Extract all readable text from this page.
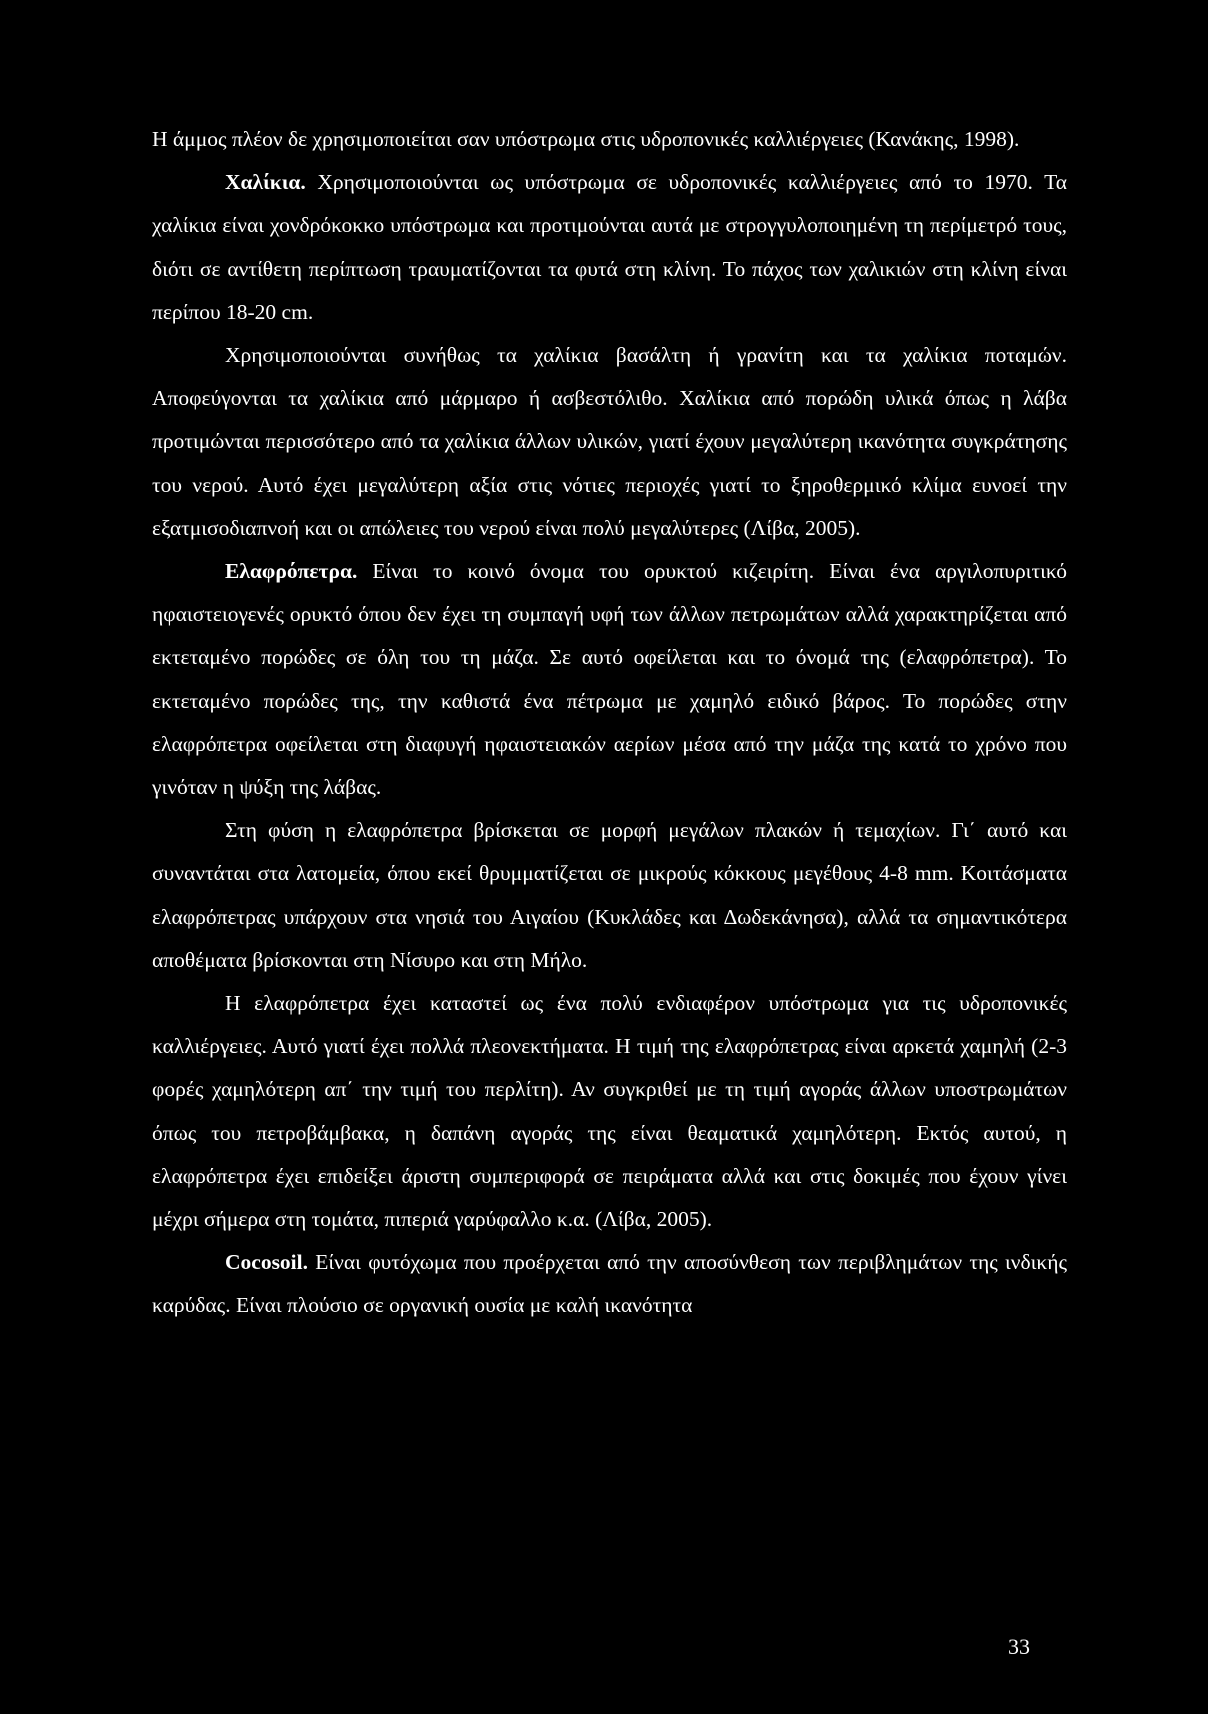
Η άμμος πλέον δε χρησιμοποιείται σαν υπόστρωμα στις υδροπονικές καλλιέργειες (Κανάκης, 1998).

Χαλίκια. Χρησιμοποιούνται ως υπόστρωμα σε υδροπονικές καλλιέργειες από το 1970. Τα χαλίκια είναι χονδρόκοκκο υπόστρωμα και προτιμούνται αυτά με στρογγυλοποιημένη τη περίμετρό τους, διότι σε αντίθετη περίπτωση τραυματίζονται τα φυτά στη κλίνη. Το πάχος των χαλικιών στη κλίνη είναι περίπου 18-20 cm.

Χρησιμοποιούνται συνήθως τα χαλίκια βασάλτη ή γρανίτη και τα χαλίκια ποταμών. Αποφεύγονται τα χαλίκια από μάρμαρο ή ασβεστόλιθο. Χαλίκια από πορώδη υλικά όπως η λάβα προτιμώνται περισσότερο από τα χαλίκια άλλων υλικών, γιατί έχουν μεγαλύτερη ικανότητα συγκράτησης του νερού. Αυτό έχει μεγαλύτερη αξία στις νότιες περιοχές γιατί το ξηροθερμικό κλίμα ευνοεί την εξατμισοδιαπνοή και οι απώλειες του νερού είναι πολύ μεγαλύτερες (Λίβα, 2005).

Ελαφρόπετρα. Είναι το κοινό όνομα του ορυκτού κιζειρίτη. Είναι ένα αργιλοπυριτικό ηφαιστειογενές ορυκτό όπου δεν έχει τη συμπαγή υφή των άλλων πετρωμάτων αλλά χαρακτηρίζεται από εκτεταμένο πορώδες σε όλη του τη μάζα. Σε αυτό οφείλεται και το όνομά της (ελαφρόπετρα). Το εκτεταμένο πορώδες της, την καθιστά ένα πέτρωμα με χαμηλό ειδικό βάρος. Το πορώδες στην ελαφρόπετρα οφείλεται στη διαφυγή ηφαιστειακών αερίων μέσα από την μάζα της κατά το χρόνο που γινόταν η ψύξη της λάβας.

Στη φύση η ελαφρόπετρα βρίσκεται σε μορφή μεγάλων πλακών ή τεμαχίων. Γι΄ αυτό και συναντάται στα λατομεία, όπου εκεί θρυμματίζεται σε μικρούς κόκκους μεγέθους 4-8 mm. Κοιτάσματα ελαφρόπετρας υπάρχουν στα νησιά του Αιγαίου (Κυκλάδες και Δωδεκάνησα), αλλά τα σημαντικότερα αποθέματα βρίσκονται στη Νίσυρο και στη Μήλο.

Η ελαφρόπετρα έχει καταστεί ως ένα πολύ ενδιαφέρον υπόστρωμα για τις υδροπονικές καλλιέργειες. Αυτό γιατί έχει πολλά πλεονεκτήματα. Η τιμή της ελαφρόπετρας είναι αρκετά χαμηλή (2-3 φορές χαμηλότερη απ΄ την τιμή του περλίτη). Αν συγκριθεί με τη τιμή αγοράς άλλων υποστρωμάτων όπως του πετροβάμβακα, η δαπάνη αγοράς της είναι θεαματικά χαμηλότερη. Εκτός αυτού, η ελαφρόπετρα έχει επιδείξει άριστη συμπεριφορά σε πειράματα αλλά και στις δοκιμές που έχουν γίνει μέχρι σήμερα στη τομάτα, πιπεριά γαρύφαλλο κ.α. (Λίβα, 2005).

Cocosoil. Είναι φυτόχωμα που προέρχεται από την αποσύνθεση των περιβλημάτων της ινδικής καρύδας. Είναι πλούσιο σε οργανική ουσία με καλή ικανότητα

33
